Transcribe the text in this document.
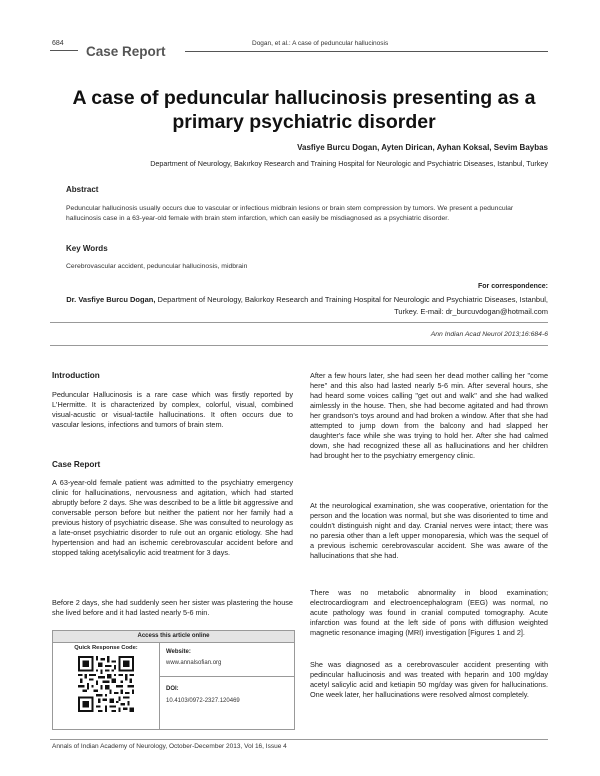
684	Dogan, et al.: A case of peduncular hallucinosis
Case Report
A case of peduncular hallucinosis presenting as a primary psychiatric disorder
Vasfiye Burcu Dogan, Ayten Dirican, Ayhan Koksal, Sevim Baybas
Department of Neurology, Bakırkoy Research and Training Hospital for Neurologic and Psychiatric Diseases, Istanbul, Turkey
Abstract
Peduncular hallucinosis usually occurs due to vascular or infectious midbrain lesions or brain stem compression by tumors. We present a peduncular hallucinosis case in a 63-year-old female with brain stem infarction, which can easily be misdiagnosed as a psychiatric disorder.
Key Words
Cerebrovascular accident, peduncular hallucinosis, midbrain
For correspondence:
Dr. Vasfiye Burcu Dogan, Department of Neurology, Bakırkoy Research and Training Hospital for Neurologic and Psychiatric Diseases, Istanbul, Turkey. E-mail: dr_burcuvdogan@hotmail.com
Ann Indian Acad Neurol 2013;16:684-6
Introduction
Peduncular Hallucinosis is a rare case which was firstly reported by L'Hermitte. It is characterized by complex, colorful, visual, combined visual-acustic or visual-tactile hallucinations. It often occurs due to vascular lesions, infections and tumors of brain stem.
Case Report
A 63-year-old female patient was admitted to the psychiatry emergency clinic for hallucinations, nervousness and agitation, which had started abruptly before 2 days. She was described to be a little bit aggressive and conversable person before but neither the patient nor her family had a previous history of psychiatric disease. She was consulted to neurology as a late-onset psychiatric disorder to rule out an organic etiology. She had hypertension and had an ischemic cerebrovascular accident before and stopped taking acetylsalicylic acid treatment for 3 days.
Before 2 days, she had suddenly seen her sister was plastering the house she lived before and it had lasted nearly 5-6 min.
Access this article online
Quick Response Code:
Website:
www.annalsofian.org
DOI:
10.4103/0972-2327.120469
After a few hours later, she had seen her dead mother calling her "come here" and this also had lasted nearly 5-6 min. After several hours, she had heard some voices calling "get out and walk" and she had walked aimlessly in the house. Then, she had become agitated and had thrown her grandson's toys around and had broken a window. After that she had attempted to jump down from the balcony and had slapped her daughter's face while she was trying to hold her. After she had calmed down, she had recognized these all as hallucinations and her children had brought her to the psychiatry emergency clinic.
At the neurological examination, she was cooperative, orientation for the person and the location was normal, but she was disoriented to time and couldn't distinguish night and day. Cranial nerves were intact; there was no paresia other than a left upper monoparesia, which was the sequel of a previous ischemic cerebrovascular accident. She was aware of the hallucinations that she had.
There was no metabolic abnormality in blood examination; electrocardiogram and electroencephalogram (EEG) was normal, no acute pathology was found in cranial computed tomography. Acute infarction was found at the left side of pons with diffusion weighted magnetic resonance imaging (MRI) investigation [Figures 1 and 2].
She was diagnosed as a cerebrovasculer accident presenting with pedincular hallucinosis and was treated with heparin and 100 mg/day acetyl salicylic acid and ketiapin 50 mg/day was given for hallucinations. One week later, her hallucinations were resolved almost completely.
Annals of Indian Academy of Neurology, October-December 2013, Vol 16, Issue 4
